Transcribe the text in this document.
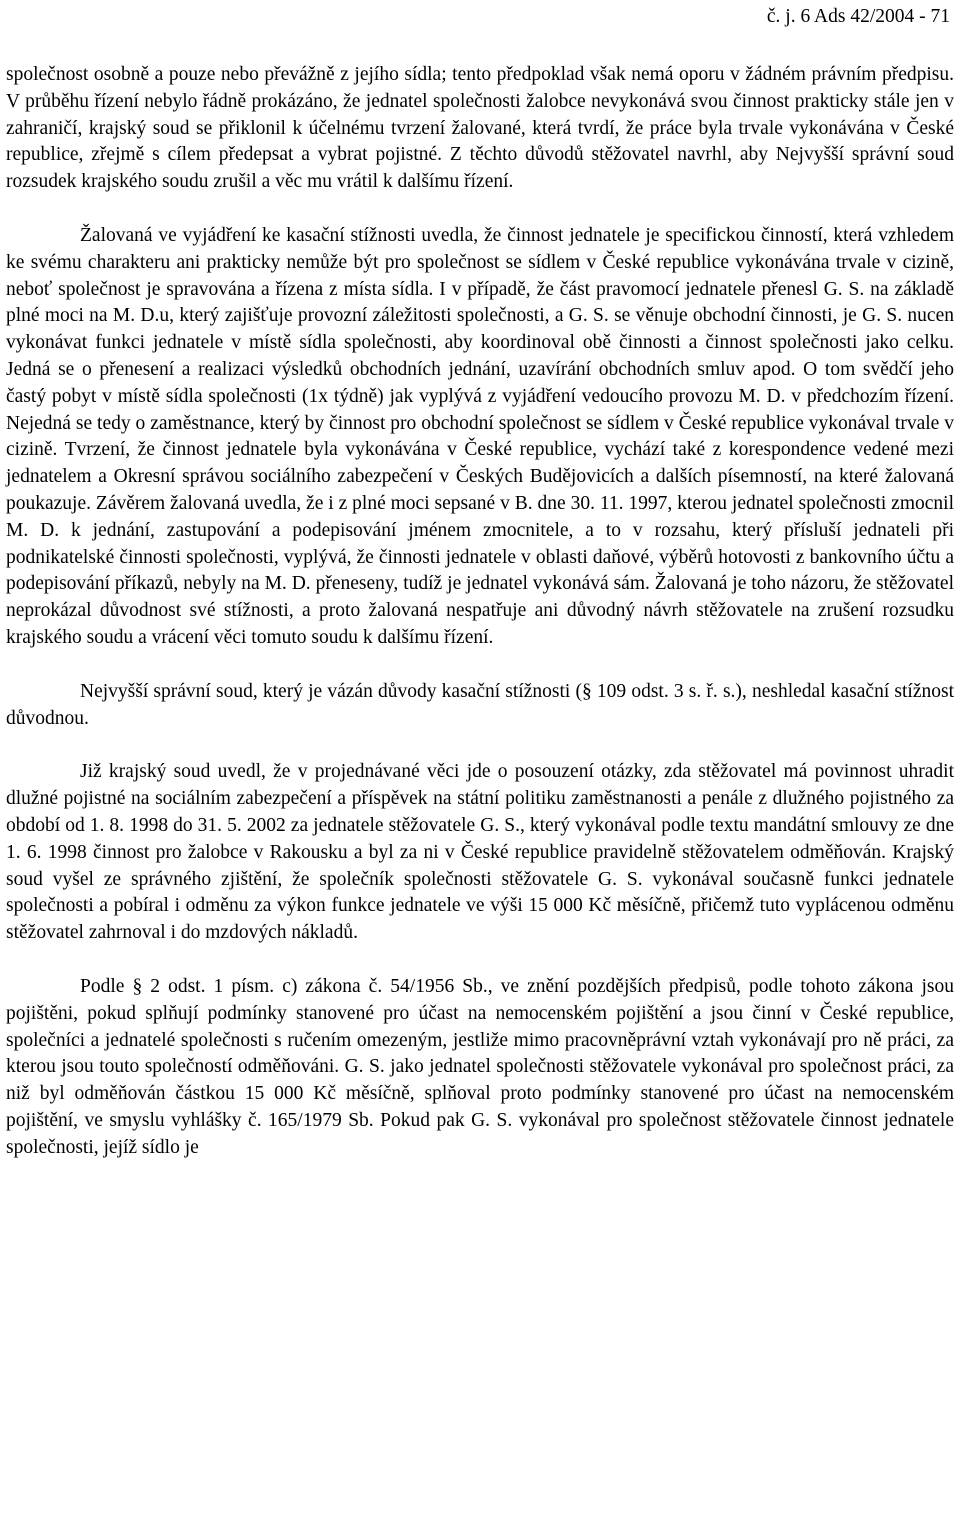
č. j. 6 Ads 42/2004 - 71

společnost osobně a pouze nebo převážně z jejího sídla; tento předpoklad však nemá oporu v žádném právním předpisu. V průběhu řízení nebylo řádně prokázáno, že jednatel společnosti žalobce nevykonává svou činnost prakticky stále jen v zahraničí, krajský soud se přiklonil k účelnému tvrzení žalované, která tvrdí, že práce byla trvale vykonávána v České republice, zřejmě s cílem předepsat a vybrat pojistné. Z těchto důvodů stěžovatel navrhl, aby Nejvyšší správní soud rozsudek krajského soudu zrušil a věc mu vrátil k dalšímu řízení.

Žalovaná ve vyjádření ke kasační stížnosti uvedla, že činnost jednatele je specifickou činností, která vzhledem ke svému charakteru ani prakticky nemůže být pro společnost se sídlem v České republice vykonávána trvale v cizině, neboť společnost je spravována a řízena z místa sídla. I v případě, že část pravomocí jednatele přenesl G. S. na základě plné moci na M. D.u, který zajišťuje provozní záležitosti společnosti, a G. S. se věnuje obchodní činnosti, je G. S. nucen vykonávat funkci jednatele v místě sídla společnosti, aby koordinoval obě činnosti a činnost společnosti jako celku. Jedná se o přenesení a realizaci výsledků obchodních jednání, uzavírání obchodních smluv apod. O tom svědčí jeho častý pobyt v místě sídla společnosti (1x týdně) jak vyplývá z vyjádření vedoucího provozu M. D. v předchozím řízení. Nejedná se tedy o zaměstnance, který by činnost pro obchodní společnost se sídlem v České republice vykonával trvale v cizině. Tvrzení, že činnost jednatele byla vykonávána v České republice, vychází také z korespondence vedené mezi jednatelem a Okresní správou sociálního zabezpečení v Českých Budějovicích a dalších písemností, na které žalovaná poukazuje. Závěrem žalovaná uvedla, že i z plné moci sepsané v B. dne 30. 11. 1997, kterou jednatel společnosti zmocnil M. D. k jednání, zastupování a podepisování jménem zmocnitele, a to v rozsahu, který přísluší jednateli při podnikatelské činnosti společnosti, vyplývá, že činnosti jednatele v oblasti daňové, výběrů hotovosti z bankovního účtu a podepisování příkazů, nebyly na M. D. přeneseny, tudíž je jednatel vykonává sám. Žalovaná je toho názoru, že stěžovatel neprokázal důvodnost své stížnosti, a proto žalovaná nespatřuje ani důvodný návrh stěžovatele na zrušení rozsudku krajského soudu a vrácení věci tomuto soudu k dalšímu řízení.

Nejvyšší správní soud, který je vázán důvody kasační stížnosti (§ 109 odst. 3 s. ř. s.), neshledal kasační stížnost důvodnou.

Již krajský soud uvedl, že v projednávané věci jde o posouzení otázky, zda stěžovatel má povinnost uhradit dlužné pojistné na sociálním zabezpečení a příspěvek na státní politiku zaměstnanosti a penále z dlužného pojistného za období od 1. 8. 1998 do 31. 5. 2002 za jednatele stěžovatele G. S., který vykonával podle textu mandátní smlouvy ze dne 1. 6. 1998 činnost pro žalobce v Rakousku a byl za ni v České republice pravidelně stěžovatelem odměňován. Krajský soud vyšel ze správného zjištění, že společník společnosti stěžovatele G. S. vykonával současně funkci jednatele společnosti a pobíral i odměnu za výkon funkce jednatele ve výši 15 000 Kč měsíčně, přičemž tuto vyplácenou odměnu stěžovatel zahrnoval i do mzdových nákladů.

Podle § 2 odst. 1 písm. c) zákona č. 54/1956 Sb., ve znění pozdějších předpisů, podle tohoto zákona jsou pojištěni, pokud splňují podmínky stanovené pro účast na nemocenském pojištění a jsou činní v České republice, společníci a jednatelé společnosti s ručením omezeným, jestliže mimo pracovněprávní vztah vykonávají pro ně práci, za kterou jsou touto společností odměňováni. G. S. jako jednatel společnosti stěžovatele vykonával pro společnost práci, za niž byl odměňován částkou 15 000 Kč měsíčně, splňoval proto podmínky stanovené pro účast na nemocenském pojištění, ve smyslu vyhlášky č. 165/1979 Sb. Pokud pak G. S. vykonával pro společnost stěžovatele činnost jednatele společnosti, jejíž sídlo je
